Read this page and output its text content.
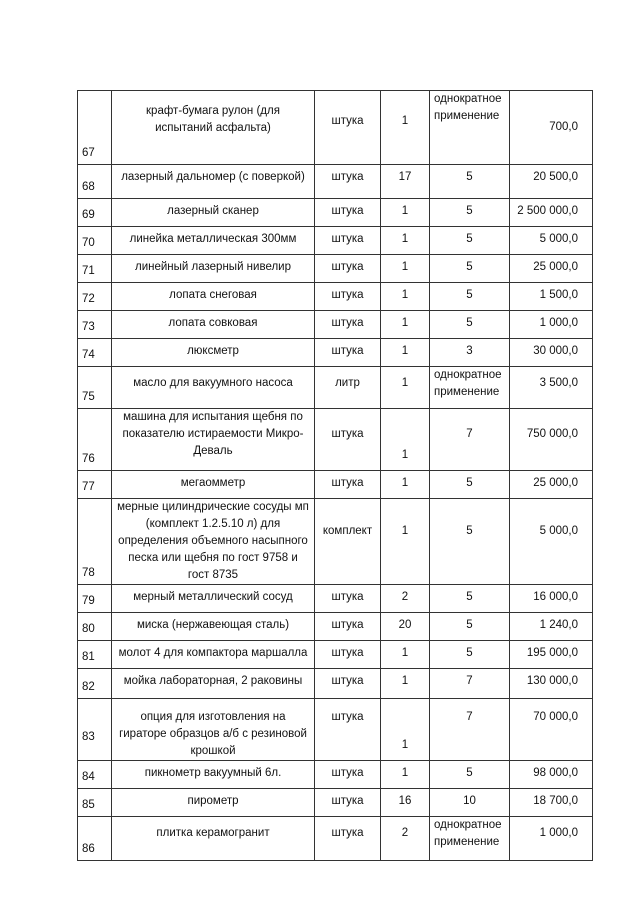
67	крафт-бумага рулон (для испытаний асфальта)	штука	1	однократное применение	700,0
68	лазерный дальномер (с поверкой)	штука	17	5	20 500,0
69	лазерный сканер	штука	1	5	2 500 000,0
70	линейка металлическая 300мм	штука	1	5	5 000,0
71	линейный лазерный нивелир	штука	1	5	25 000,0
72	лопата снеговая	штука	1	5	1 500,0
73	лопата совковая	штука	1	5	1 000,0
74	люксметр	штука	1	3	30 000,0
75	масло для вакуумного насоса	литр	1	однократное применение	3 500,0
76	машина для испытания щебня по показателю истираемости Микро-Деваль	штука	1	7	750 000,0
77	мегаомметр	штука	1	5	25 000,0
78	мерные цилиндрические сосуды мп (комплект 1.2.5.10 л) для определения объемного насыпного песка или щебня по гост 9758 и гост 8735	комплект	1	5	5 000,0
79	мерный металлический сосуд	штука	2	5	16 000,0
80	миска (нержавеющая сталь)	штука	20	5	1 240,0
81	молот 4 для компактора маршалла	штука	1	5	195 000,0
82	мойка лабораторная, 2 раковины	штука	1	7	130 000,0
83	опция для изготовления на гираторе образцов а/б с резиновой крошкой	штука	1	7	70 000,0
84	пикнометр вакуумный 6л.	штука	1	5	98 000,0
85	пирометр	штука	16	10	18 700,0
86	плитка керамогранит	штука	2	однократное применение	1 000,0
